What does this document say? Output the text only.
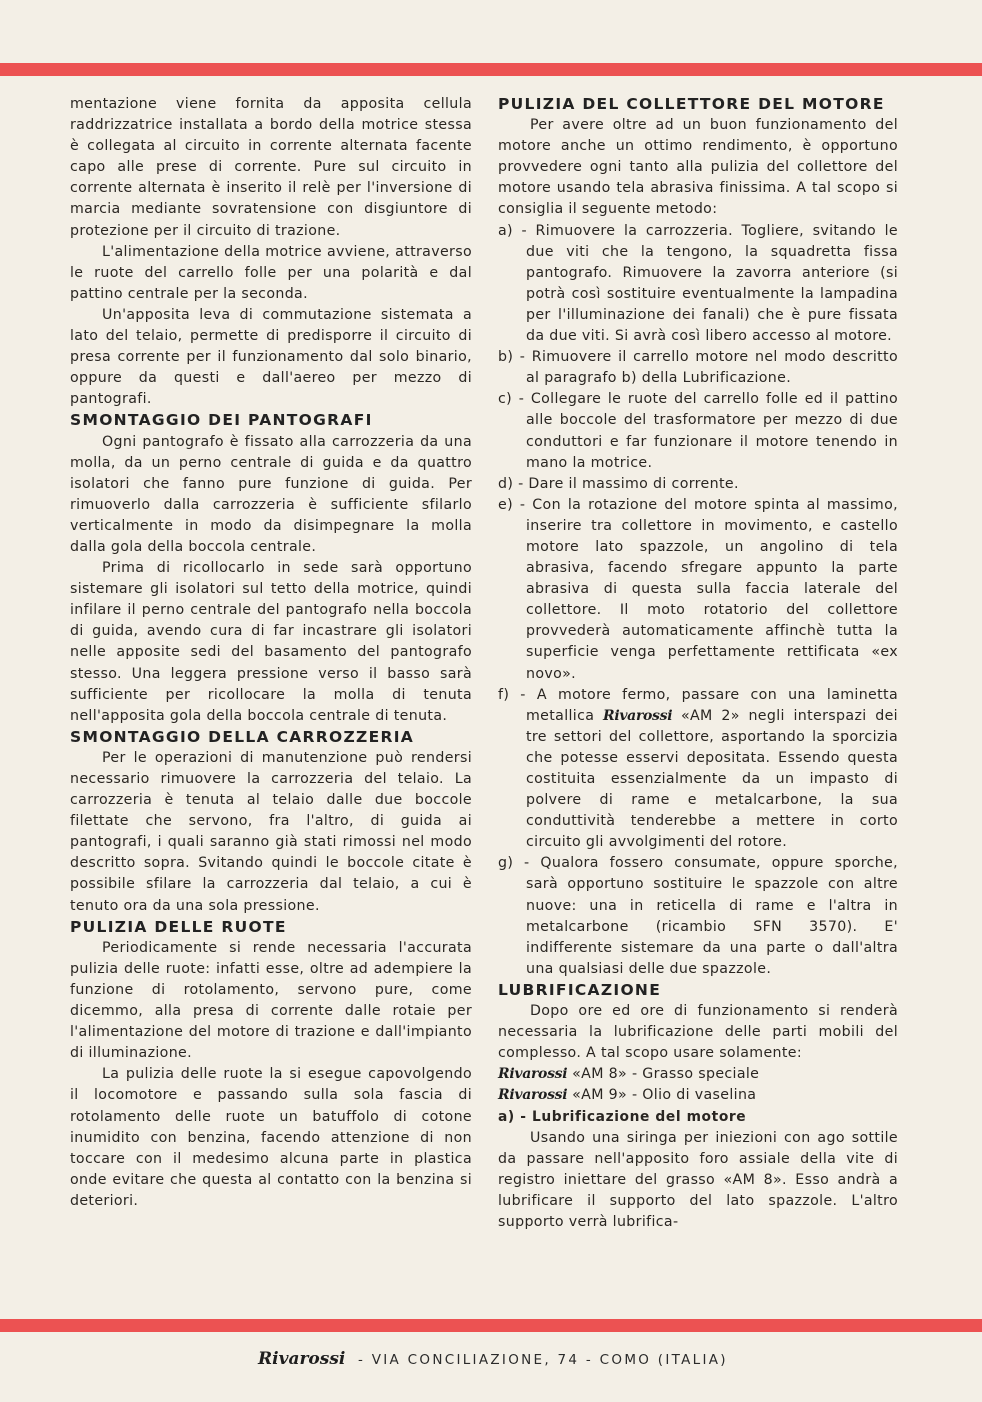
mentazione viene fornita da apposita cellula raddrizzatrice installata a bordo della motrice stessa è collegata al circuito in corrente alternata facente capo alle prese di corrente. Pure sul circuito in corrente alternata è inserito il relè per l'inversione di marcia mediante sovratensione con disgiuntore di protezione per il circuito di trazione.

L'alimentazione della motrice avviene, attraverso le ruote del carrello folle per una polarità e dal pattino centrale per la seconda.

Un'apposita leva di commutazione sistemata a lato del telaio, permette di predisporre il circuito di presa corrente per il funzionamento dal solo binario, oppure da questi e dall'aereo per mezzo di pantografi.

SMONTAGGIO DEI PANTOGRAFI

Ogni pantografo è fissato alla carrozzeria da una molla, da un perno centrale di guida e da quattro isolatori che fanno pure funzione di guida. Per rimuoverlo dalla carrozzeria è sufficiente sfilarlo verticalmente in modo da disimpegnare la molla dalla gola della boccola centrale.

Prima di ricollocarlo in sede sarà opportuno sistemare gli isolatori sul tetto della motrice, quindi infilare il perno centrale del pantografo nella boccola di guida, avendo cura di far incastrare gli isolatori nelle apposite sedi del basamento del pantografo stesso. Una leggera pressione verso il basso sarà sufficiente per ricollocare la molla di tenuta nell'apposita gola della boccola centrale di tenuta.

SMONTAGGIO DELLA CARROZZERIA

Per le operazioni di manutenzione può rendersi necessario rimuovere la carrozzeria del telaio. La carrozzeria è tenuta al telaio dalle due boccole filettate che servono, fra l'altro, di guida ai pantografi, i quali saranno già stati rimossi nel modo descritto sopra. Svitando quindi le boccole citate è possibile sfilare la carrozzeria dal telaio, a cui è tenuto ora da una sola pressione.

PULIZIA DELLE RUOTE

Periodicamente si rende necessaria l'accurata pulizia delle ruote: infatti esse, oltre ad adempiere la funzione di rotolamento, servono pure, come dicemmo, alla presa di corrente dalle rotaie per l'alimentazione del motore di trazione e dall'impianto di illuminazione.

La pulizia delle ruote la si esegue capovolgendo il locomotore e passando sulla sola fascia di rotolamento delle ruote un batuffolo di cotone inumidito con benzina, facendo attenzione di non toccare con il medesimo alcuna parte in plastica onde evitare che questa al contatto con la benzina si deteriori.

PULIZIA DEL COLLETTORE DEL MOTORE

Per avere oltre ad un buon funzionamento del motore anche un ottimo rendimento, è opportuno provvedere ogni tanto alla pulizia del collettore del motore usando tela abrasiva finissima. A tal scopo si consiglia il seguente metodo:

a) - Rimuovere la carrozzeria. Togliere, svitando le due viti che la tengono, la squadretta fissa pantografo. Rimuovere la zavorra anteriore (si potrà così sostituire eventualmente la lampadina per l'illuminazione dei fanali) che è pure fissata da due viti. Si avrà così libero accesso al motore.

b) - Rimuovere il carrello motore nel modo descritto al paragrafo b) della Lubrificazione.

c) - Collegare le ruote del carrello folle ed il pattino alle boccole del trasformatore per mezzo di due conduttori e far funzionare il motore tenendo in mano la motrice.

d) - Dare il massimo di corrente.

e) - Con la rotazione del motore spinta al massimo, inserire tra collettore in movimento, e castello motore lato spazzole, un angolino di tela abrasiva, facendo sfregare appunto la parte abrasiva di questa sulla faccia laterale del collettore. Il moto rotatorio del collettore provvederà automaticamente affinchè tutta la superficie venga perfettamente rettificata «ex novo».

f) - A motore fermo, passare con una laminetta metallica Rivarossi «AM 2» negli interspazi dei tre settori del collettore, asportando la sporcizia che potesse esservi depositata. Essendo questa costituita essenzialmente da un impasto di polvere di rame e metalcarbone, la sua conduttività tenderebbe a mettere in corto circuito gli avvolgimenti del rotore.

g) - Qualora fossero consumate, oppure sporche, sarà opportuno sostituire le spazzole con altre nuove: una in reticella di rame e l'altra in metalcarbone (ricambio SFN 3570). E' indifferente sistemare da una parte o dall'altra una qualsiasi delle due spazzole.

LUBRIFICAZIONE

Dopo ore ed ore di funzionamento si renderà necessaria la lubrificazione delle parti mobili del complesso. A tal scopo usare solamente:

Rivarossi «AM 8» - Grasso speciale

Rivarossi «AM 9» - Olio di vaselina

a) - Lubrificazione del motore

Usando una siringa per iniezioni con ago sottile da passare nell'apposito foro assiale della vite di registro iniettare del grasso «AM 8». Esso andrà a lubrificare il supporto del lato spazzole. L'altro supporto verrà lubrifica-

Rivarossi - VIA CONCILIAZIONE, 74 - COMO (ITALIA)
